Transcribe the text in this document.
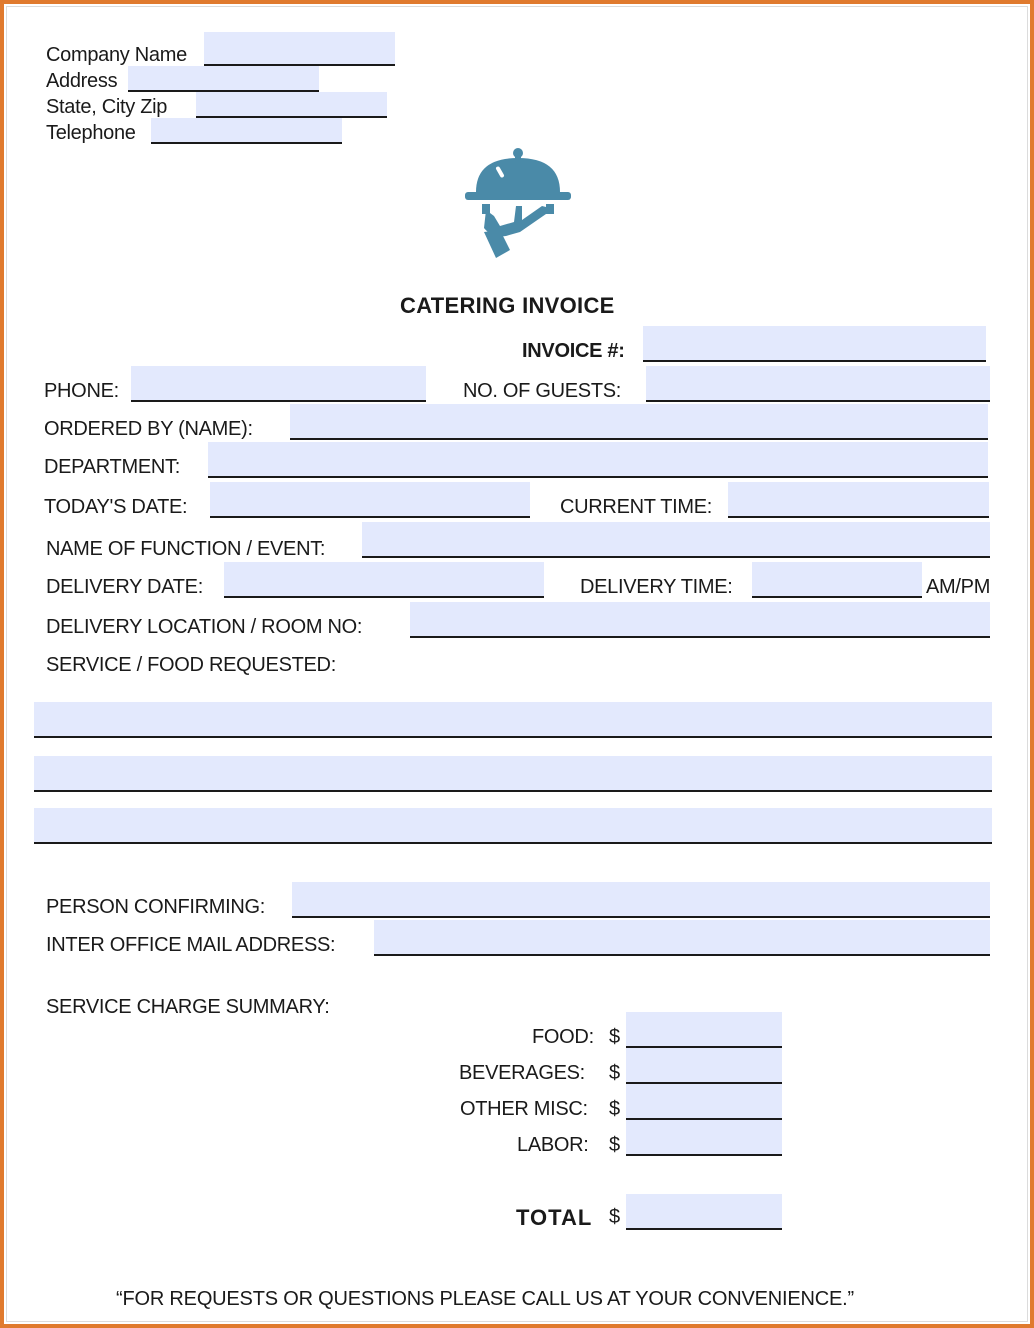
Company Name
Address
State, City Zip
Telephone
CATERING INVOICE
INVOICE #:
PHONE:	NO. OF GUESTS:
ORDERED BY (NAME):
DEPARTMENT:
TODAY'S DATE:	CURRENT TIME:
NAME OF FUNCTION / EVENT:
DELIVERY DATE:	DELIVERY TIME:	AM/PM
DELIVERY LOCATION / ROOM NO:
SERVICE / FOOD REQUESTED:
PERSON CONFIRMING:
INTER OFFICE MAIL ADDRESS:
SERVICE CHARGE SUMMARY:
FOOD: $
BEVERAGES: $
OTHER MISC: $
LABOR: $
TOTAL $
“FOR REQUESTS OR QUESTIONS PLEASE CALL US AT YOUR CONVENIENCE.”
